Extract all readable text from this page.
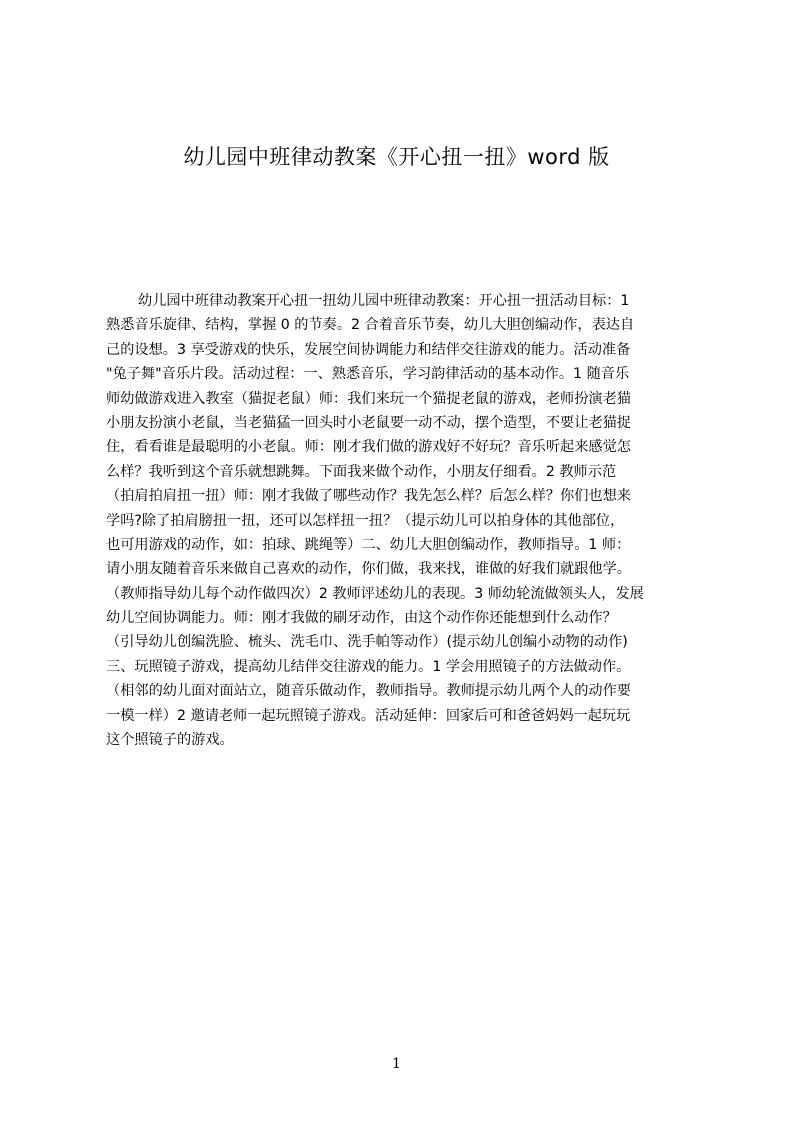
幼儿园中班律动教案《开心扭一扭》word 版
幼儿园中班律动教案开心扭一扭幼儿园中班律动教案：开心扭一扭活动目标：1
熟悉音乐旋律、结构，掌握 0 的节奏。2 合着音乐节奏，幼儿大胆创编动作，表达自
己的设想。3 享受游戏的快乐，发展空间协调能力和结伴交往游戏的能力。活动准备
"兔子舞"音乐片段。活动过程：一、熟悉音乐，学习韵律活动的基本动作。1 随音乐
师幼做游戏进入教室（猫捉老鼠）师：我们来玩一个猫捉老鼠的游戏，老师扮演老猫
小朋友扮演小老鼠，当老猫猛一回头时小老鼠要一动不动，摆个造型，不要让老猫捉
住，看看谁是最聪明的小老鼠。师：刚才我们做的游戏好不好玩？音乐听起来感觉怎
么样？我听到这个音乐就想跳舞。下面我来做个动作，小朋友仔细看。2 教师示范
（拍肩拍肩扭一扭）师：刚才我做了哪些动作？我先怎么样？后怎么样？你们也想来
学吗?除了拍肩膀扭一扭，还可以怎样扭一扭？（提示幼儿可以拍身体的其他部位，
也可用游戏的动作，如：拍球、跳绳等）二、幼儿大胆创编动作，教师指导。1 师：
请小朋友随着音乐来做自己喜欢的动作，你们做，我来找，谁做的好我们就跟他学。
（教师指导幼儿每个动作做四次）2 教师评述幼儿的表现。3 师幼轮流做领头人，发展
幼儿空间协调能力。师：刚才我做的刷牙动作，由这个动作你还能想到什么动作？
（引导幼儿创编洗脸、梳头、洗毛巾、洗手帕等动作）(提示幼儿创编小动物的动作)
三、玩照镜子游戏，提高幼儿结伴交往游戏的能力。1 学会用照镜子的方法做动作。
（相邻的幼儿面对面站立，随音乐做动作，教师指导。教师提示幼儿两个人的动作要
一模一样）2 邀请老师一起玩照镜子游戏。活动延伸：回家后可和爸爸妈妈一起玩玩
这个照镜子的游戏。
1
